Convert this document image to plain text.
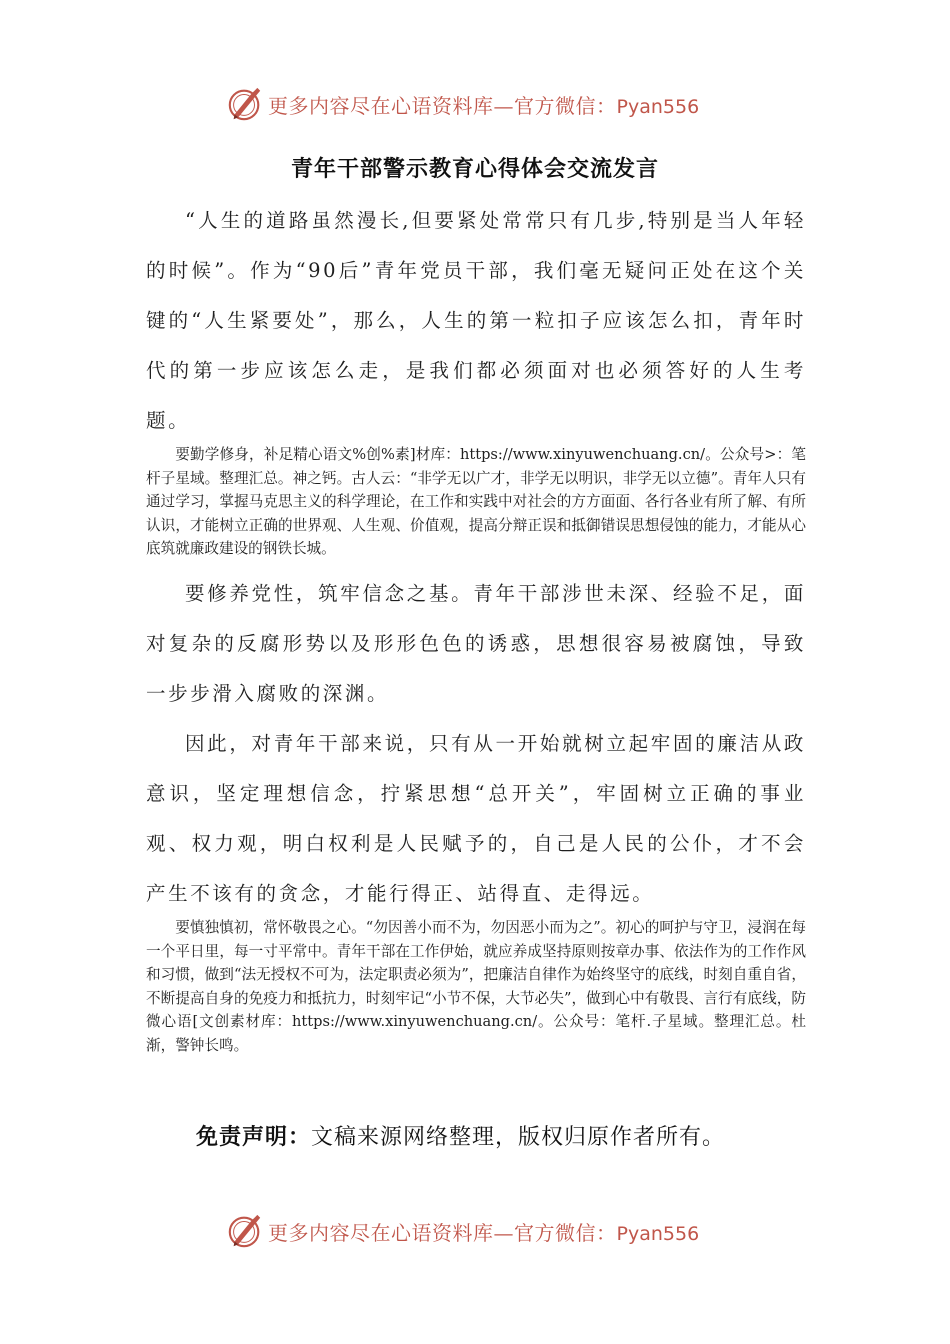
更多内容尽在心语资料库—官方微信：Pyan556
青年干部警示教育心得体会交流发言

“人生的道路虽然漫长,但要紧处常常只有几步,特别是当人年轻的时候”。作为“90后”青年党员干部，我们毫无疑问正处在这个关键的“人生紧要处”，那么，人生的第一粒扣子应该怎么扣，青年时代的第一步应该怎么走，是我们都必须面对也必须答好的人生考题。

要勤学修身，补足精心语文%创%素]材库：https://www.xinyuwenchuang.cn/。公众号>：笔杆子星域。整理汇总。神之钙。古人云：“非学无以广才，非学无以明识，非学无以立德”。青年人只有通过学习，掌握马克思主义的科学理论，在工作和实践中对社会的方方面面、各行各业有所了解、有所认识，才能树立正确的世界观、人生观、价值观，提高分辩正误和抵御错误思想侵蚀的能力，才能从心底筑就廉政建设的钢铁长城。

要修养党性，筑牢信念之基。青年干部涉世未深、经验不足，面对复杂的反腐形势以及形形色色的诱惑，思想很容易被腐蚀，导致一步步滑入腐败的深渊。

因此，对青年干部来说，只有从一开始就树立起牢固的廉洁从政意识，坚定理想信念，拧紧思想“总开关”，牢固树立正确的事业观、权力观，明白权利是人民赋予的，自己是人民的公仆，才不会产生不该有的贪念，才能行得正、站得直、走得远。

要慎独慎初，常怀敬畏之心。“勿因善小而不为，勿因恶小而为之”。初心的呵护与守卫，浸润在每一个平日里，每一寸平常中。青年干部在工作伊始，就应养成坚持原则按章办事、依法作为的工作作风和习惯，做到“法无授权不可为，法定职责必须为”，把廉洁自律作为始终坚守的底线，时刻自重自省，不断提高自身的免疫力和抵抗力，时刻牢记“小节不保，大节必失”，做到心中有敬畏、言行有底线，防微心语[文创素材库：https://www.xinyuwenchuang.cn/。公众号：笔杆.子星域。整理汇总。杜渐，警钟长鸣。

免责声明：文稿来源网络整理，版权归原作者所有。
更多内容尽在心语资料库—官方微信：Pyan556
